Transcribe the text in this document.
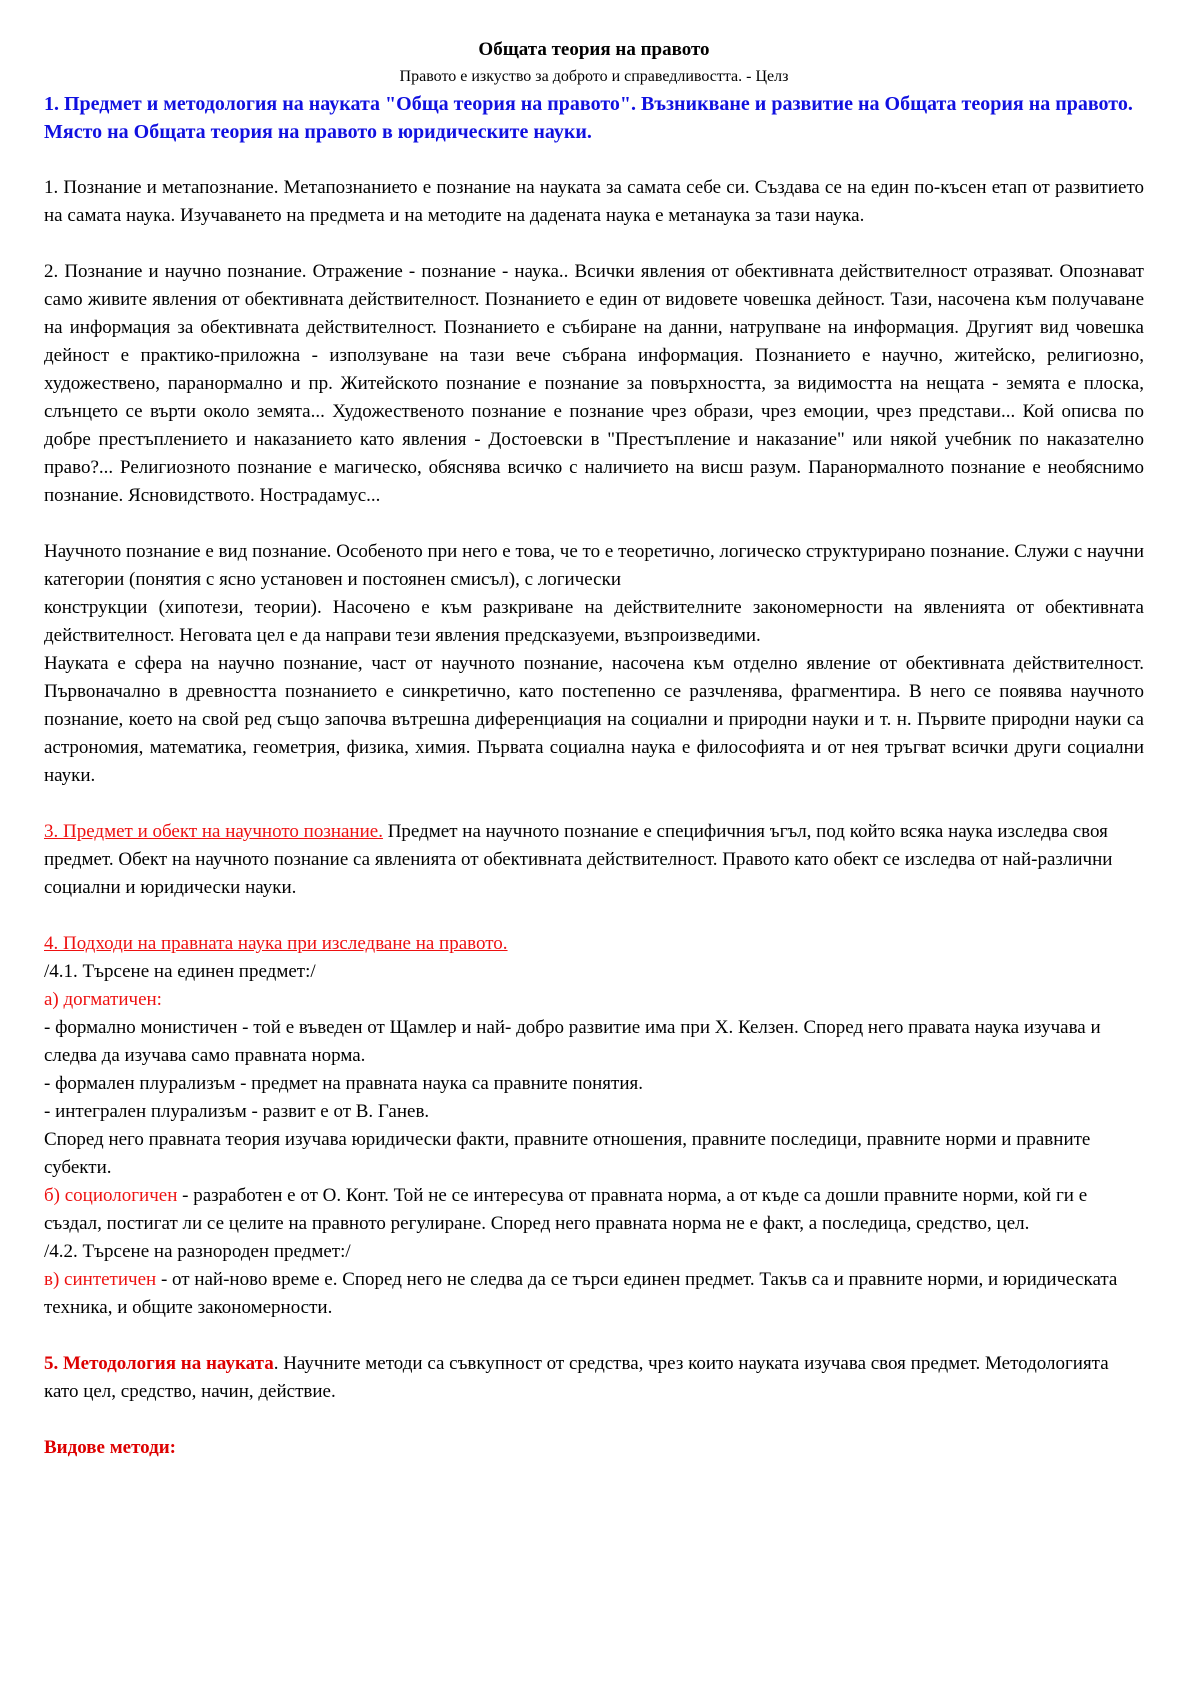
Общата теория на правото

Правото е изкуство за доброто и справедливостта. - Целз

1. Предмет и методология на науката "Обща теория на правото". Възникване и развитие на Общата теория на правото. Място на Общата теория на правото в юридическите науки.

1. Познание и метапознание. Метапознанието е познание на науката за самата себе си. Създава се на един по-късен етап от развитието на самата наука. Изучаването на предмета и на методите на дадената наука е метанаука за тази наука.

2. Познание и научно познание. Отражение - познание - наука.. Всички явления от обективната действителност отразяват. Опознават само живите явления от обективната действителност. Познанието е един от видовете човешка дейност. Тази, насочена към получаване на информация за обективната действителност. Познанието е събиране на данни, натрупване на информация. Другият вид човешка дейност е практико-приложна - използуване на тази вече събрана информация. Познанието е научно, житейско, религиозно, художествено, паранормално и пр. Житейското познание е познание за повърхността, за видимостта на нещата - земята е плоска, слънцето се върти около земята... Художественото познание е познание чрез образи, чрез емоции, чрез представи... Кой описва по добре престъплението и наказанието като явления - Достоевски в "Престъпление и наказание" или някой учебник по наказателно право?... Религиозното познание е магическо, обяснява всичко с наличието на висш разум. Паранормалното познание е необяснимо познание. Ясновидството. Нострадамус...

Научното познание е вид познание. Особеното при него е това, че то е теоретично, логическо структурирано познание. Служи с научни категории (понятия с ясно установен и постоянен смисъл), с логически

конструкции (хипотези, теории). Насочено е към разкриване на действителните закономерности на явленията от обективната действителност. Неговата цел е да направи тези явления предсказуеми, възпроизведими.

Науката е сфера на научно познание, част от научното познание, насочена към отделно явление от обективната действителност. Първоначално в древността познанието е синкретично, като постепенно се разчленява, фрагментира. В него се появява научното познание, което на свой ред също започва вътрешна диференциация на социални и природни науки и т. н. Първите природни науки са астрономия, математика, геометрия, физика, химия. Първата социална наука е философията и от нея тръгват всички други социални науки.

3. Предмет и обект на научното познание. Предмет на научното познание е специфичния ъгъл, под който всяка наука изследва своя предмет. Обект на научното познание са явленията от обективната действителност. Правото като обект се изследва от най-различни социални и юридически науки.

4. Подходи на правната наука при изследване на правото.

/4.1. Търсене на единен предмет:/

а) догматичен:

- формално монистичен - той е въведен от Щамлер и най- добро развитие има при Х. Келзен. Според него правата наука изучава и следва да изучава само правната норма.

- формален плурализъм - предмет на правната наука са правните понятия.

- интегрален плурализъм - развит е от В. Ганев.

Според него правната теория изучава юридически факти, правните отношения, правните последици, правните норми и правните субекти.

б) социологичен - разработен е от О. Конт. Той не се интересува от правната норма, а от къде са дошли правните норми, кой ги е създал, постигат ли се целите на правното регулиране. Според него правната норма не е факт, а последица, средство, цел.

/4.2. Търсене на разнороден предмет:/

в) синтетичен - от най-ново време е. Според него не следва да се търси единен предмет. Такъв са и правните норми, и юридическата техника, и общите закономерности.

5. Методология на науката. Научните методи са съвкупност от средства, чрез които науката изучава своя предмет. Методологията като цел, средство, начин, действие.

Видове методи:
